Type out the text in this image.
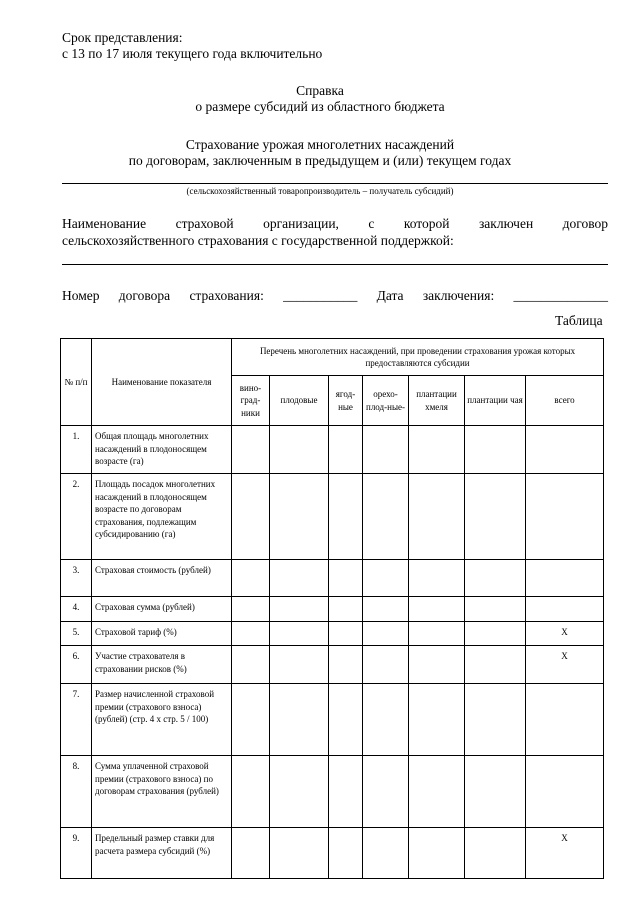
Срок представления:
с 13 по 17 июля текущего года включительно
Справка
о размере субсидий из областного бюджета
Страхование урожая многолетних насаждений
по договорам, заключенным в предыдущем и (или) текущем годах
(сельскохозяйственный товаропроизводитель – получатель субсидий)
Наименование страховой организации, с которой заключен договор
сельскохозяйственного страхования с государственной поддержкой:
Номер договора страхования: ___________ Дата заключения: ______________
Таблица
№ п/п	Наименование показателя	Перечень многолетних насаждений, при проведении страхования урожая которых предоставляются субсидии						
		вино-град-ники	плодовые	ягод-ные	орехо-плод-ные-	плантации хмеля	плантации чая	всего
1.	Общая площадь многолетних насаждений в плодоносящем возрасте (га)							
2.	Площадь посадок многолетних насаждений в плодоносящем возрасте по договорам страхования, подлежащим субсидированию (га)							
3.	Страховая стоимость (рублей)							
4.	Страховая сумма (рублей)							
5.	Страховой тариф (%)							X
6.	Участие страхователя в страховании рисков (%)							X
7.	Размер начисленной страховой премии (страхового взноса) (рублей) (стр. 4 x стр. 5 / 100)							
8.	Сумма уплаченной страховой премии (страхового взноса) по договорам страхования (рублей)							
9.	Предельный размер ставки для расчета размера субсидий (%)							X
